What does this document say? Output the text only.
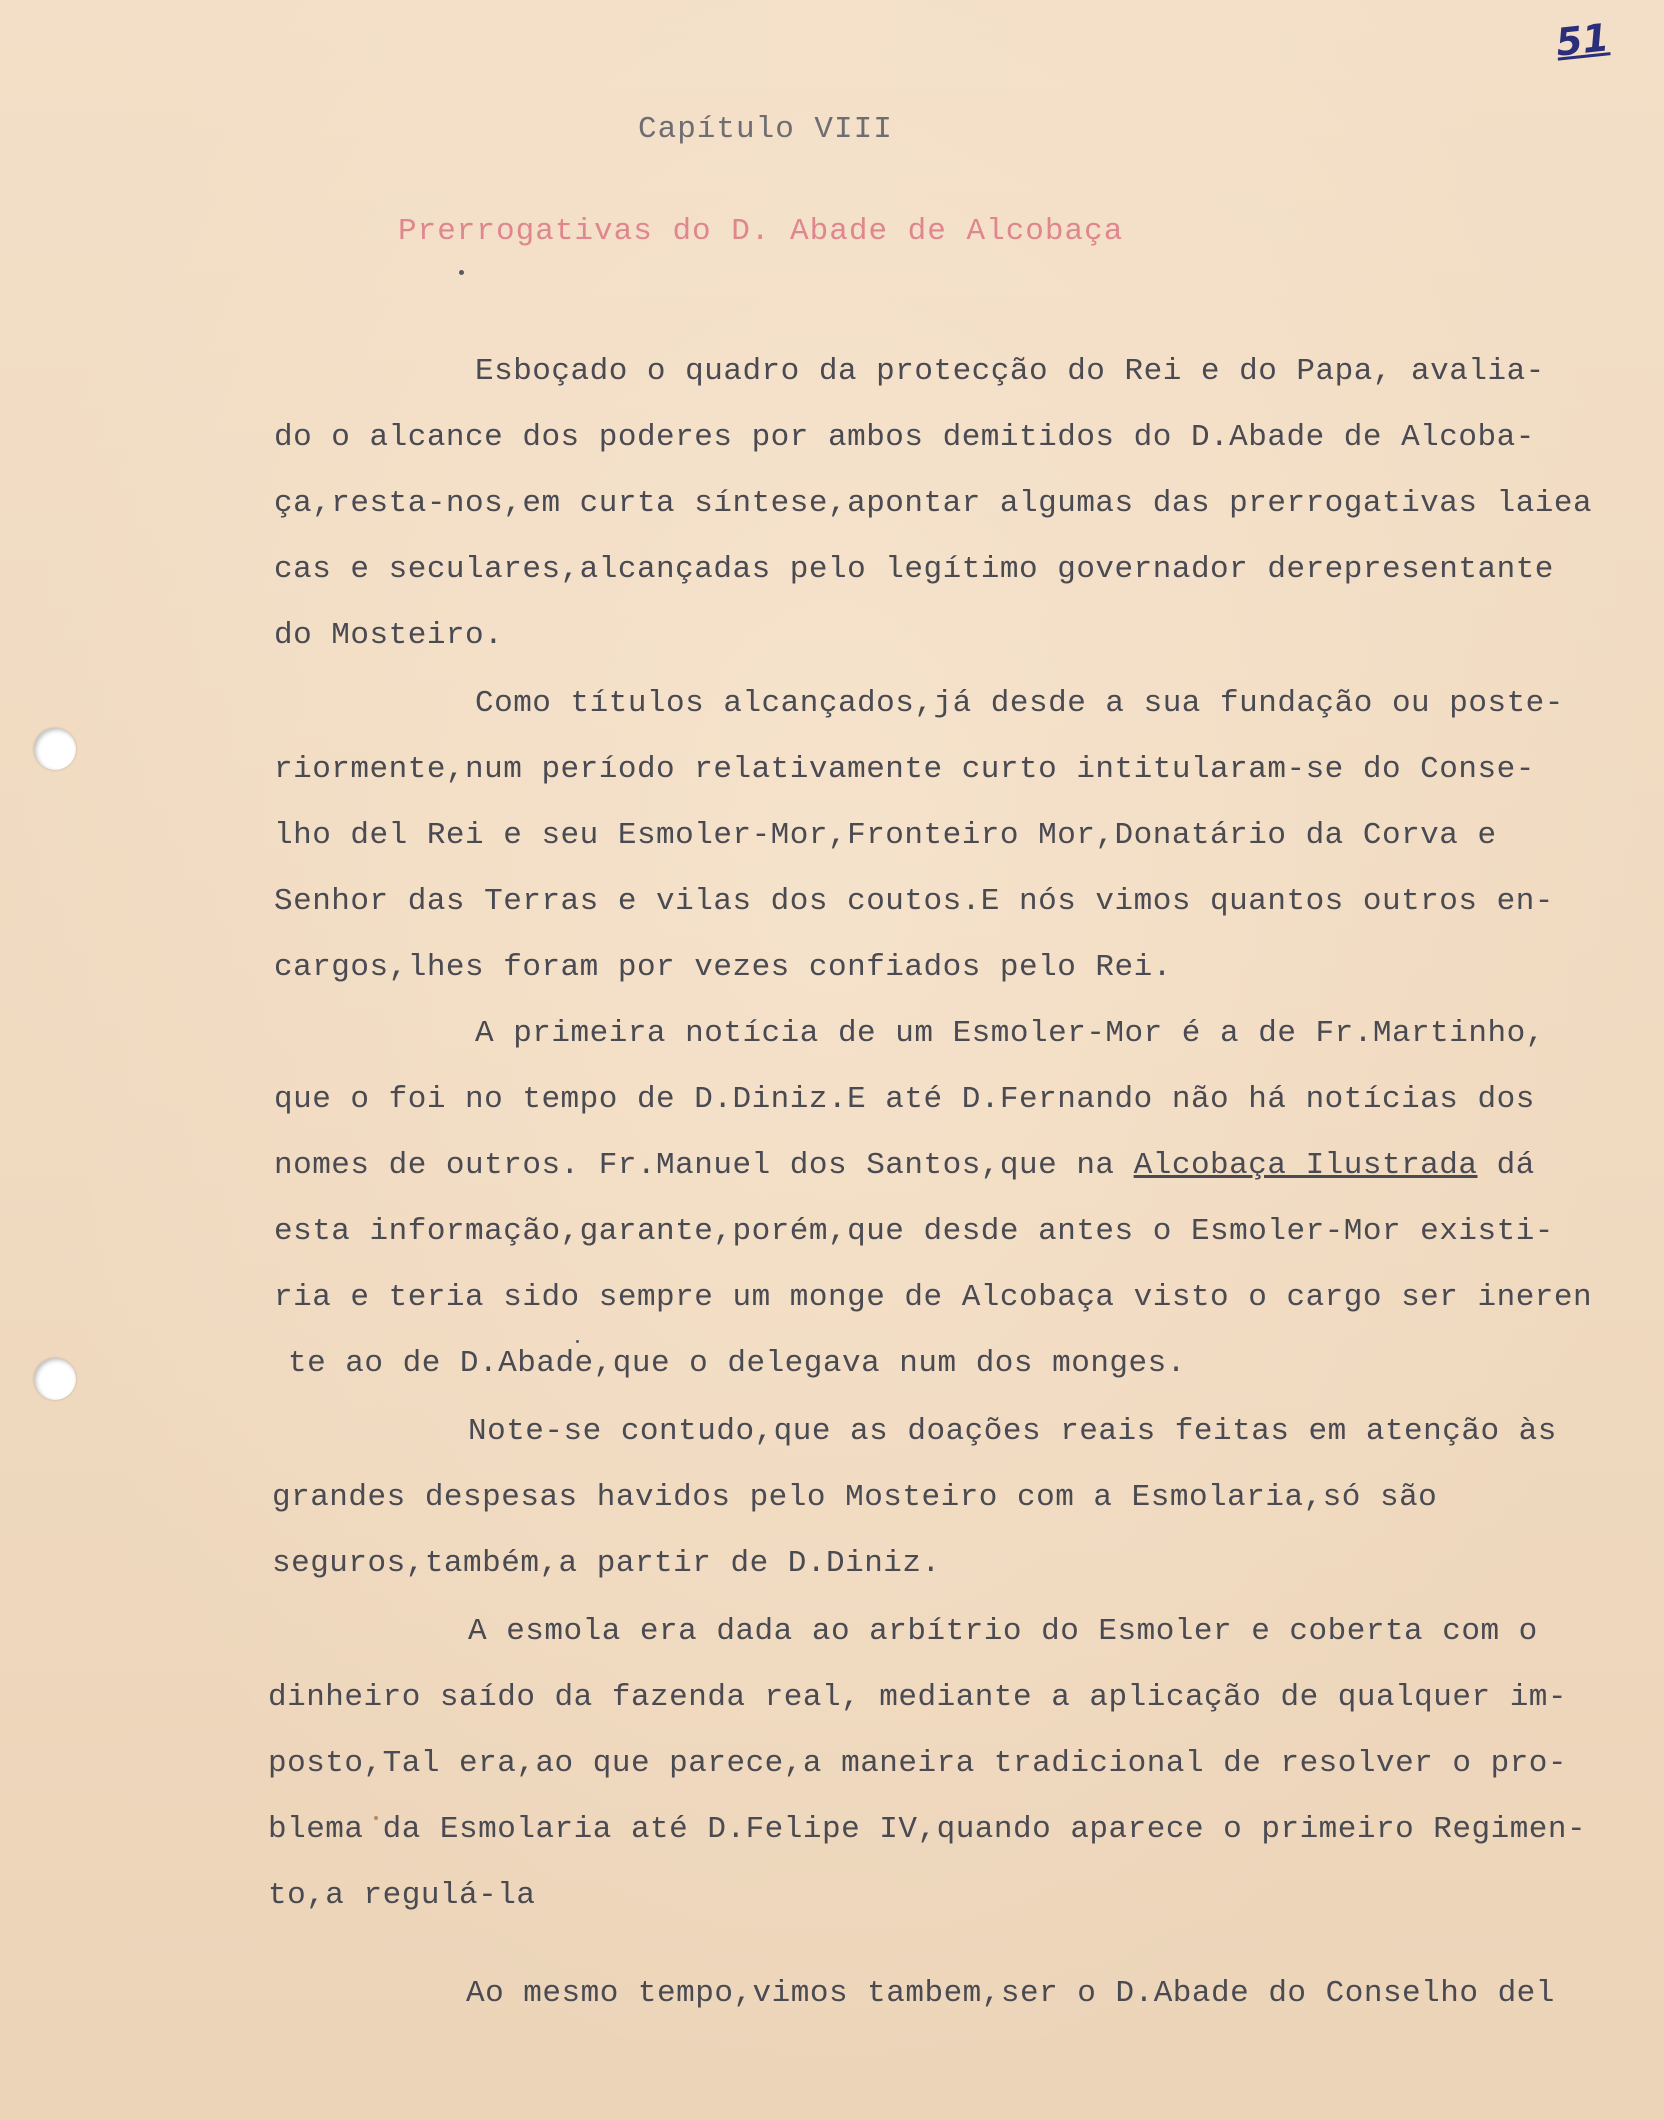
51
Capítulo VIII
Prerrogativas do D. Abade de Alcobaça
Esboçado o quadro da protecção do Rei e do Papa, avalia-
do o alcance dos poderes por ambos demitidos do D.Abade de Alcoba-
ça,resta-nos,em curta síntese,apontar algumas das prerrogativas laiea
cas e seculares,alcançadas pelo legítimo governador derepresentante
do Mosteiro.
Como títulos alcançados,já desde a sua fundação ou poste-
riormente,num período relativamente curto intitularam-se do Conse-
lho del Rei e seu Esmoler-Mor,Fronteiro Mor,Donatário da Corva e
Senhor das Terras e vilas dos coutos.E nós vimos quantos outros en-
cargos,lhes foram por vezes confiados pelo Rei.
A primeira notícia de um Esmoler-Mor é a de Fr.Martinho,
que o foi no tempo de D.Diniz.E até D.Fernando não há notícias dos
nomes de outros. Fr.Manuel dos Santos,que na Alcobaça Ilustrada dá
esta informação,garante,porém,que desde antes o Esmoler-Mor existi-
ria e teria sido sempre um monge de Alcobaça visto o cargo ser ineren
te ao de D.Abade,que o delegava num dos monges.
Note-se contudo,que as doações reais feitas em atenção às
grandes despesas havidos pelo Mosteiro com a Esmolaria,só são
seguros,também,a partir de D.Diniz.
A esmola era dada ao arbítrio do Esmoler e coberta com o
dinheiro saído da fazenda real, mediante a aplicação de qualquer im-
posto,Tal era,ao que parece,a maneira tradicional de resolver o pro-
blema da Esmolaria até D.Felipe IV,quando aparece o primeiro Regimen-
to,a regulá-la
Ao mesmo tempo,vimos tambem,ser o D.Abade do Conselho del
